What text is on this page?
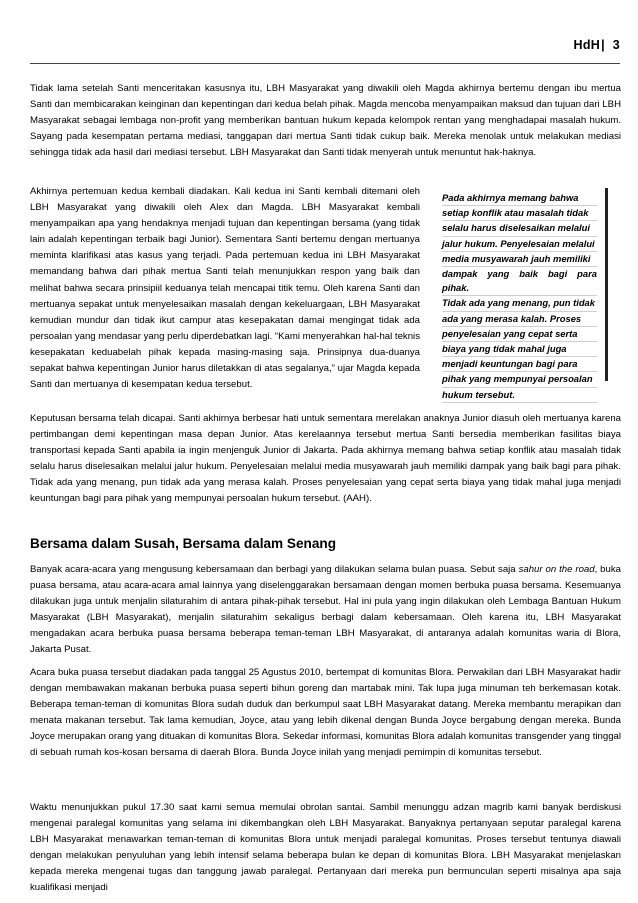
HdH| 3

Tidak lama setelah Santi menceritakan kasusnya itu, LBH Masyarakat yang diwakili oleh Magda akhirnya bertemu dengan ibu mertua Santi dan membicarakan keinginan dan kepentingan dari kedua belah pihak. Magda mencoba menyampaikan maksud dan tujuan dari LBH Masyarakat sebagai lembaga non-profit yang memberikan bantuan hukum kepada kelompok rentan yang menghadapai masalah hukum. Sayang pada kesempatan pertama mediasi, tanggapan dari mertua Santi tidak cukup baik. Mereka menolak untuk melakukan mediasi sehingga tidak ada hasil dari mediasi tersebut. LBH Masyarakat dan Santi tidak menyerah untuk menuntut hak-haknya.

Akhirnya pertemuan kedua kembali diadakan. Kali kedua ini Santi kembali ditemani oleh LBH Masyarakat yang diwakili oleh Alex dan Magda. LBH Masyarakat kembali menyampaikan apa yang hendaknya menjadi tujuan dan kepentingan bersama (yang tidak lain adalah kepentingan terbaik bagi Junior). Sementara Santi bertemu dengan mertuanya meminta klarifikasi atas kasus yang terjadi. Pada pertemuan kedua ini LBH Masyarakat memandang bahwa dari pihak mertua Santi telah menunjukkan respon yang baik dan melihat bahwa secara prinsipiil keduanya telah mencapai titik temu. Oleh karena Santi dan mertuanya sepakat untuk menyelesaikan masalah dengan kekeluargaan, LBH Masyarakat kemudian mundur dan tidak ikut campur atas kesepakatan damai mengingat tidak ada persoalan yang mendasar yang perlu diperdebatkan lagi. “Kami menyerahkan hal-hal teknis kesepakatan keduabelah pihak kepada masing-masing saja. Prinsipnya dua-duanya sepakat bahwa kepentingan Junior harus diletakkan di atas segalanya,” ujar Magda kepada Santi dan mertuanya di kesempatan kedua tersebut.

Pada akhirnya memang bahwa
setiap konflik atau masalah tidak
selalu harus diselesaikan melalui
jalur hukum. Penyelesaian melalui
media musyawarah jauh memiliki
dampak yang baik bagi para pihak.
Tidak ada yang menang, pun tidak
ada yang merasa kalah. Proses
penyelesaian yang cepat serta
biaya yang tidak mahal juga
menjadi keuntungan bagi para
pihak yang mempunyai persoalan
hukum tersebut.

Keputusan bersama telah dicapai. Santi akhirnya berbesar hati untuk sementara merelakan anaknya Junior diasuh oleh mertuanya karena pertimbangan demi kepentingan masa depan Junior. Atas kerelaannya tersebut mertua Santi bersedia memberikan fasilitas biaya transportasi kepada Santi apabila ia ingin menjenguk Junior di Jakarta. Pada akhirnya memang bahwa setiap konflik atau masalah tidak selalu harus diselesaikan melalui jalur hukum. Penyelesaian melalui media musyawarah jauh memiliki dampak yang baik bagi para pihak. Tidak ada yang menang, pun tidak ada yang merasa kalah. Proses penyelesaian yang cepat serta biaya yang tidak mahal juga menjadi keuntungan bagi para pihak yang mempunyai persoalan hukum tersebut. (AAH).

Bersama dalam Susah, Bersama dalam Senang

Banyak acara-acara yang mengusung kebersamaan dan berbagi yang dilakukan selama bulan puasa. Sebut saja sahur on the road, buka puasa bersama, atau acara-acara amal lainnya yang diselenggarakan bersamaan dengan momen berbuka puasa bersama. Kesemuanya dilakukan juga untuk menjalin silaturahim di antara pihak-pihak tersebut. Hal ini pula yang ingin dilakukan oleh Lembaga Bantuan Hukum Masyarakat (LBH Masyarakat), menjalin silaturahim sekaligus berbagi dalam kebersamaan. Oleh karena itu, LBH Masyarakat mengadakan acara berbuka puasa bersama beberapa teman-teman LBH Masyarakat, di antaranya adalah komunitas waria di Blora, Jakarta Pusat.

Acara buka puasa tersebut diadakan pada tanggal 25 Agustus 2010, bertempat di komunitas Blora. Perwakilan dari LBH Masyarakat hadir dengan membawakan makanan berbuka puasa seperti bihun goreng dan martabak mini. Tak lupa juga minuman teh berkemasan kotak. Beberapa teman-teman di komunitas Blora sudah duduk dan berkumpul saat LBH Masyarakat datang. Mereka membantu merapikan dan menata makanan tersebut. Tak lama kemudian, Joyce, atau yang lebih dikenal dengan Bunda Joyce bergabung dengan mereka. Bunda Joyce merupakan orang yang dituakan di komunitas Blora. Sekedar informasi, komunitas Blora adalah komunitas transgender yang tinggal di sebuah rumah kos-kosan bersama di daerah Blora. Bunda Joyce inilah yang menjadi pemimpin di komunitas tersebut.

Waktu menunjukkan pukul 17.30 saat kami semua memulai obrolan santai. Sambil menunggu adzan magrib kami banyak berdiskusi mengenai paralegal komunitas yang selama ini dikembangkan oleh LBH Masyarakat. Banyaknya pertanyaan seputar paralegal karena LBH Masyarakat menawarkan teman-teman di komunitas Blora untuk menjadi paralegal komunitas. Proses tersebut tentunya diawali dengan melakukan penyuluhan yang lebih intensif selama beberapa bulan ke depan di komunitas Blora. LBH Masyarakat menjelaskan kepada mereka mengenai tugas dan tanggung jawab paralegal. Pertanyaan dari mereka pun bermunculan seperti misalnya apa saja kualifikasi menjadi
